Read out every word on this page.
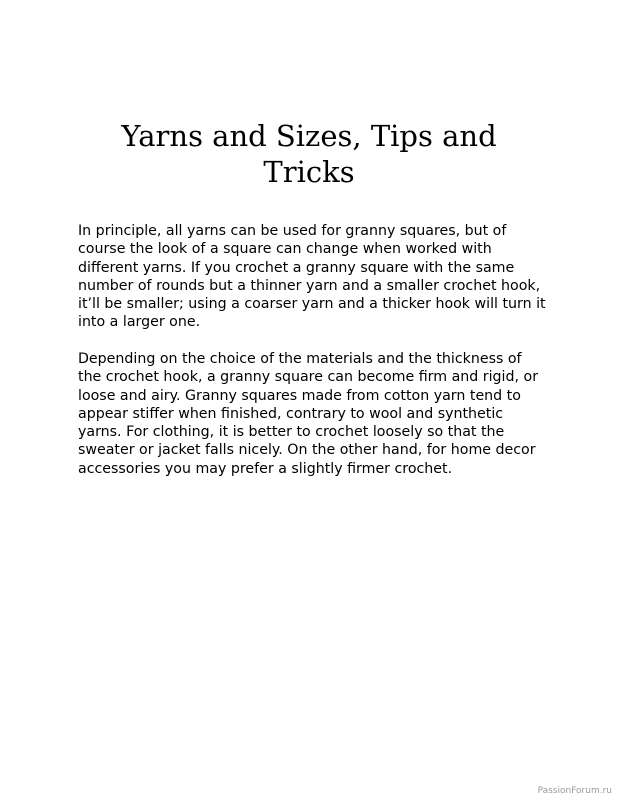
Yarns and Sizes, Tips and
Tricks

In principle, all yarns can be used for granny squares, but of course the look of a square can change when worked with different yarns. If you crochet a granny square with the same number of rounds but a thinner yarn and a smaller crochet hook, it’ll be smaller; using a coarser yarn and a thicker hook will turn it into a larger one.

Depending on the choice of the materials and the thickness of the crochet hook, a granny square can become firm and rigid, or loose and airy. Granny squares made from cotton yarn tend to appear stiffer when finished, contrary to wool and synthetic yarns. For clothing, it is better to crochet loosely so that the sweater or jacket falls nicely. On the other hand, for home decor accessories you may prefer a slightly firmer crochet.

PassionForum.ru
